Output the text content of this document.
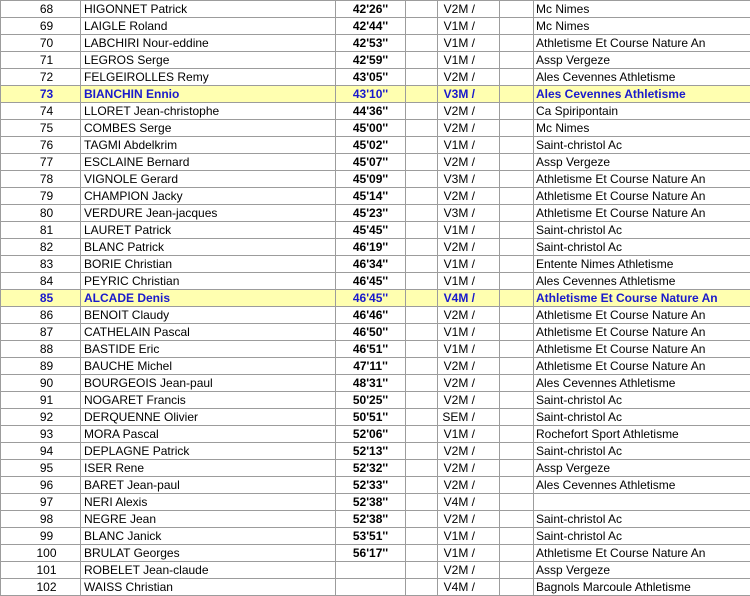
68	HIGONNET Patrick	42'26''		V2M /		Mc Nimes
69	LAIGLE Roland	42'44''		V1M /		Mc Nimes
70	LABCHIRI Nour-eddine	42'53''		V1M /		Athletisme Et Course Nature An
71	LEGROS Serge	42'59''		V1M /		Assp Vergeze
72	FELGEIROLLES Remy	43'05''		V2M /		Ales Cevennes Athletisme
73	BIANCHIN Ennio	43'10''		V3M /		Ales Cevennes Athletisme
74	LLORET Jean-christophe	44'36''		V2M /		Ca Spiripontain
75	COMBES Serge	45'00''		V2M /		Mc Nimes
76	TAGMI Abdelkrim	45'02''		V1M /		Saint-christol Ac
77	ESCLAINE Bernard	45'07''		V2M /		Assp Vergeze
78	VIGNOLE Gerard	45'09''		V3M /		Athletisme Et Course Nature An
79	CHAMPION Jacky	45'14''		V2M /		Athletisme Et Course Nature An
80	VERDURE Jean-jacques	45'23''		V3M /		Athletisme Et Course Nature An
81	LAURET Patrick	45'45''		V1M /		Saint-christol Ac
82	BLANC Patrick	46'19''		V2M /		Saint-christol Ac
83	BORIE Christian	46'34''		V1M /		Entente Nimes Athletisme
84	PEYRIC Christian	46'45''		V1M /		Ales Cevennes Athletisme
85	ALCADE Denis	46'45''		V4M /		Athletisme Et Course Nature An
86	BENOIT Claudy	46'46''		V2M /		Athletisme Et Course Nature An
87	CATHELAIN Pascal	46'50''		V1M /		Athletisme Et Course Nature An
88	BASTIDE Eric	46'51''		V1M /		Athletisme Et Course Nature An
89	BAUCHE Michel	47'11''		V2M /		Athletisme Et Course Nature An
90	BOURGEOIS Jean-paul	48'31''		V2M /		Ales Cevennes Athletisme
91	NOGARET Francis	50'25''		V2M /		Saint-christol Ac
92	DERQUENNE Olivier	50'51''		SEM /		Saint-christol Ac
93	MORA Pascal	52'06''		V1M /		Rochefort Sport Athletisme
94	DEPLAGNE Patrick	52'13''		V2M /		Saint-christol Ac
95	ISER Rene	52'32''		V2M /		Assp Vergeze
96	BARET Jean-paul	52'33''		V2M /		Ales Cevennes Athletisme
97	NERI Alexis	52'38''		V4M /		
98	NEGRE Jean	52'38''		V2M /		Saint-christol Ac
99	BLANC Janick	53'51''		V1M /		Saint-christol Ac
100	BRULAT Georges	56'17''		V1M /		Athletisme Et Course Nature An
101	ROBELET Jean-claude			V2M /		Assp Vergeze
102	WAISS Christian			V4M /		Bagnols Marcoule Athletisme
